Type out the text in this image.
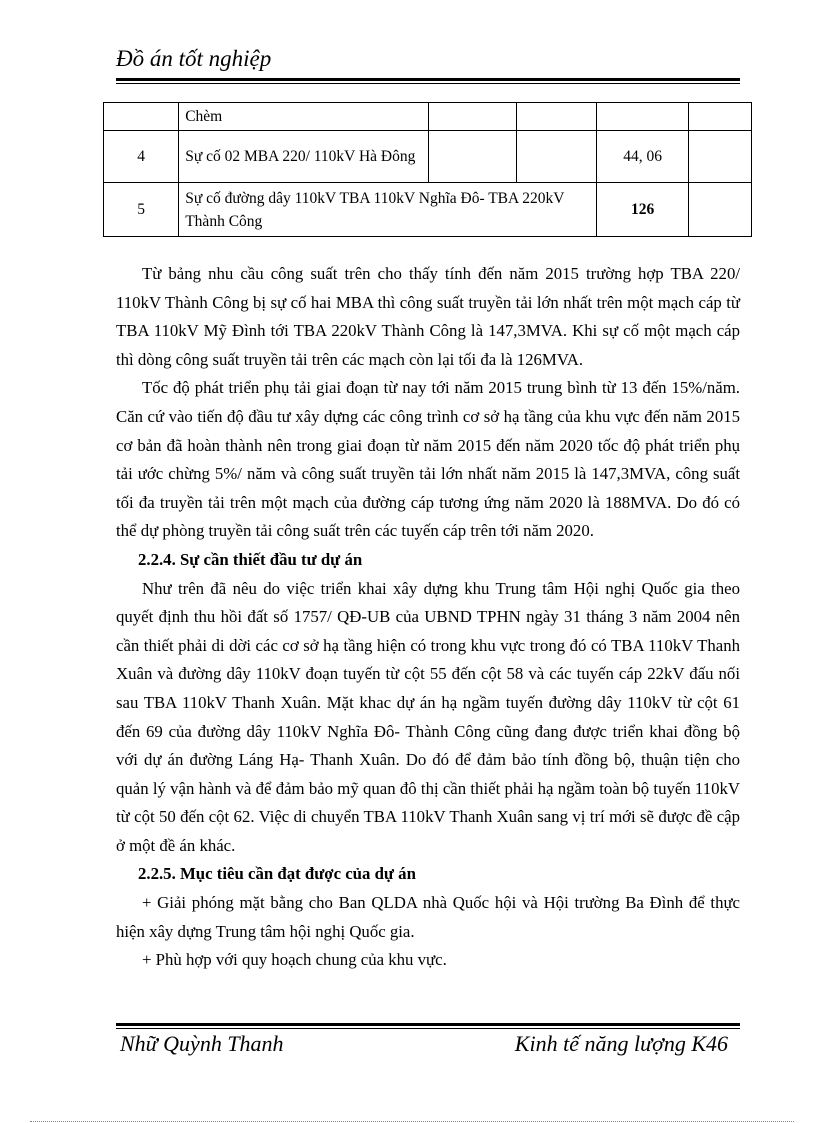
Đồ án tốt nghiệp
	Chèm				
4	Sự cố 02 MBA 220/ 110kV Hà Đông			44, 06	
5	Sự cố đường dây 110kV TBA 110kV Nghĩa Đô- TBA 220kV Thành Công			126	

Từ bảng nhu cầu công suất trên cho thấy tính đến năm 2015 trường hợp TBA 220/ 110kV Thành Công bị sự cố hai MBA thì công suất truyền tải lớn nhất trên một mạch cáp từ TBA 110kV Mỹ Đình tới TBA 220kV Thành Công là 147,3MVA. Khi sự cố một mạch cáp thì dòng công suất truyền tải trên các mạch còn lại tối đa là 126MVA.

Tốc độ phát triển phụ tải giai đoạn từ nay tới năm 2015 trung bình từ 13 đến 15%/năm. Căn cứ vào tiến độ đầu tư xây dựng các công trình cơ sở hạ tầng của khu vực đến năm 2015 cơ bản đã hoàn thành nên trong giai đoạn từ năm 2015 đến năm 2020 tốc độ phát triển phụ tải ước chừng 5%/ năm và công suất truyền tải lớn nhất năm 2015 là 147,3MVA, công suất tối đa truyền tải trên một mạch của đường cáp tương ứng năm 2020 là 188MVA. Do đó có thể dự phòng truyền tải công suất trên các tuyến cáp trên tới năm 2020.

2.2.4. Sự cần thiết đầu tư dự án

Như trên đã nêu do việc triển khai xây dựng khu Trung tâm Hội nghị Quốc gia theo quyết định thu hồi đất số 1757/ QĐ-UB của UBND TPHN ngày 31 tháng 3 năm 2004 nên cần thiết phải di dời các cơ sở hạ tầng hiện có trong khu vực trong đó có TBA 110kV Thanh Xuân và đường dây 110kV đoạn tuyến từ cột 55 đến cột 58 và các tuyến cáp 22kV đấu nối sau TBA 110kV Thanh Xuân. Mặt khac dự án hạ ngầm tuyến đường dây 110kV từ cột 61 đến 69 của đường dây 110kV Nghĩa Đô- Thành Công cũng đang được triển khai đồng bộ với dự án đường Láng Hạ- Thanh Xuân. Do đó để đảm bảo tính đồng bộ, thuận tiện cho quản lý vận hành và để đảm bảo mỹ quan đô thị cần thiết phải hạ ngầm toàn bộ tuyến 110kV từ cột 50 đến cột 62. Việc di chuyển TBA 110kV Thanh Xuân sang vị trí mới sẽ được đề cập ở một đề án khác.

2.2.5. Mục tiêu cần đạt được của dự án

+ Giải phóng mặt bằng cho Ban QLDA nhà Quốc hội và Hội trường Ba Đình để thực hiện xây dựng Trung tâm hội nghị Quốc gia.

+ Phù hợp với quy hoạch chung của khu vực.

Nhữ Quỳnh Thanh	Kinh tế năng lượng K46
